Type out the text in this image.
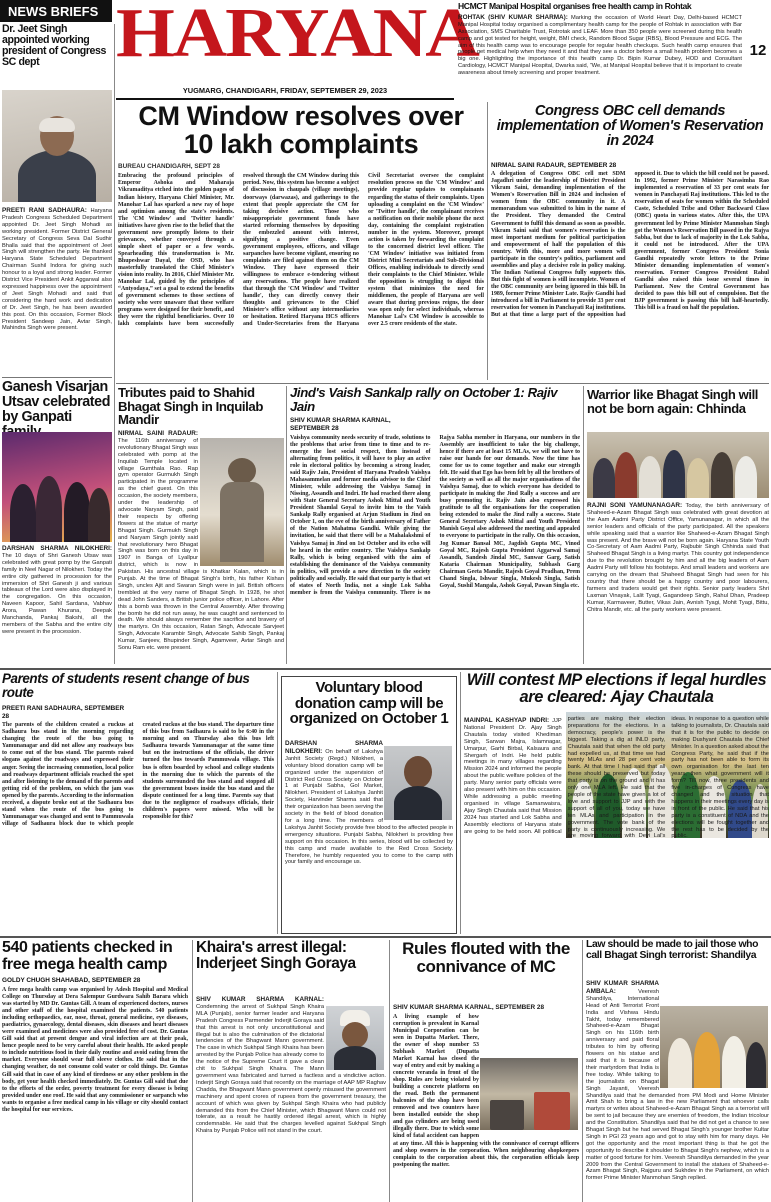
NEWS BRIEFS HARYANA
YUGMARG, CHANDIGARH, FRIDAY, SEPTEMBER 29, 2023
HCMCT Manipal Hospital organises free health camp in Rohtak
ROHTAK (SHIV KUMAR SHARMA): Marking the occasion of World Heart Day, Delhi-based HCMCT Manipal Hospital today organised a complimentary health camp for the people of Rohtak in association with Bar Association, SMS Charitable Trust, Rotrotak and LEAF. More than 350 people were screened during this health camp and got tested for height, weight, BMI check, Random Blood Sugar (RBS), Blood Pressure and ECG. The aim of this health camp was to encourage people for regular health checkups. Such health camp ensures that people get medical help when they need it and that they see a doctor before a small health problem becomes a big one. Highlighting the importance of this health camp Dr. Bipin Kumar Dubey, HOD and Consultant Cardiology, HCMCT Manipal Hospital, Dwarka said, “We, at Manipal Hospital believe that it is important to create awareness about timely screening and proper treatment.
12
Dr. Jeet Singh appointed working president of Congress SC dept
PREETI RANI SADHAURA: Haryana Pradesh Congress Scheduled Department appointed Dr. Jeet Singh Mohadi as working president. Former District General Secretary of Congress Seva Dal Sudhir Bhalla said that the appointment of Jeet Singh will strengthen the party. He thanked Haryana State Scheduled Department Chairman Sushil Indora for giving such honour to a loyal and strong leader. Former District Vice President Ankit Aggarwal also expressed happiness over the appointment of Jeet Singh Mohadi and said that considering the hard work and dedication of Dr. Jeet Singh, he has been awarded this post. On this occasion, Former Block President Sandeep Jain, Avtar Singh, Mahindra Singh were present.
Ganesh Visarjan Utsav celebrated by Ganpati
DARSHAN SHARMA NILOKHERI: The 10 days of Shri Ganesh Utsav was celebrated with great pomp by the Ganpati family in Neel Nagar of Nilokheri. Today the entire city gathered in procession for the immersion of Shri Ganesh ji and various tableaux of the Lord were also displayed in the congregation. On this occasion, Naveen Kapoor, Sahil Sardana, Vabhav Arora, Pawan Khurana, Deepak Manchanda, Pankaj Bakshi, all the members of the Sabha and the entire city were present in the procession.
CM Window resolves over 10 lakh complaints
BUREAU CHANDIGARH, SEPT 28
Embracing the profound principles of Emperor Ashoka and Maharaja Vikramaditya etched into the golden pages of Indian history, Haryana Chief Minister, Mr. Manohar Lal has sparked a new ray of hope and optimism among the state's residents. The 'CM Window' and 'Twitter handle' initiatives have given rise to the belief that the government now promptly listens to their grievances, whether conveyed through a simple sheet of paper or a few words. Spearheading this transformation is Mr. Bhupeshwar Dayal, the OSD, who has masterfully translated the Chief Minister's vision into reality. In 2016, Chief Minister Mr. Manohar Lal, guided by the principles of “Antyodaya,” set a goal to extend the benefits of government schemes to those sections of society who were unaware that these welfare programs were designed for their benefit, and they were the rightful beneficiaries. Over 10 lakh complaints have been successfully resolved through the CM Window during this period. Now, this system has become a subject of discussion in chaupals (village meetings), doorways (darwazas), and gatherings to the extent that people appreciate the CM for taking decisive action. Those who misappropriate government funds have started reforming themselves by depositing the embezzled amount with interest, signifying a positive change. Even government employees, officers, and village sarpanches have become vigilant, ensuring no complaints are filed against them on the CM Window. They have expressed their willingness to embrace e-tendering without any reservations. The people have realized that through the 'CM Window' and 'Twitter handle', they can directly convey their thoughts and grievances to the Chief Minister's office without any intermediaries or hesitation. Retired Haryana HCS officers and Under-Secretaries from the Haryana Civil Secretariat oversee the complaint resolution process on the 'CM Window' and provide regular updates to complainants regarding the status of their complaints. Upon uploading a complaint on the 'CM Window' or 'Twitter handle', the complainant receives a notification on their mobile phone the next day, containing the complaint registration number in the system. Moreover, prompt action is taken by forwarding the complaint to the concerned district level officer. The 'CM Window' initiative was initiated from District Mini Secretariats and Sub-Divisional Offices, enabling individuals to directly send their complaints to the Chief Minister. While the opposition is struggling to digest this system that minimizes the need for middlemen, the people of Haryana are well aware that during previous reigns, the door was open only for select individuals, whereas Manohar Lal's CM Window is accessible to over 2.5 crore residents of the state.
Congress OBC cell demands implementation of Women's Reservation in 2024
NIRMAL SAINI RADAUR, SEPTEMBER 28
A delegation of Congress OBC cell met SDM Jagadhri under the leadership of District President Vikram Saini, demanding implementation of the Women's Reservation Bill in 2024 and inclusion of women from the OBC community in it. A memorandum was submitted to him in the name of the President. They demanded the Central Government to fulfil this demand as soon as possible. Vikram Saini said that women's reservation is the most important medium for political participation and empowerment of half the population of this country. With this, more and more women will participate in the country's politics, parliament and assemblies and play a decisive role in policy making. The Indian National Congress fully supports this. But this fight of women is still incomplete. Women of the OBC community are being ignored in this bill. In 1989, former Prime Minister Late. Rajiv Gandhi had introduced a bill in Parliament to provide 33 per cent reservation for women in Panchayati Raj institutions. But at that time a large part of the opposition had opposed it. Due to which the bill could not be passed. In 1992, former Prime Minister Narasimha Rao implemented a reservation of 33 per cent seats for women in Panchayati Raj institutions. This led to the reservation of seats for women within the Scheduled Caste, Scheduled Tribe and Other Backward Class (OBC) quota in various states. After this, the UPA government led by Prime Minister Manmohan Singh got the Women's Reservation Bill passed in the Rajya Sabha, but due to lack of majority in the Lok Sabha, it could not be introduced. After the UPA government, former Congress President Sonia Gandhi repeatedly wrote letters to the Prime Minister demanding implementation of women's reservation. Former Congress President Rahul Gandhi also raised this issue several times in Parliament. Now the Central Government has decided to pass this bill out of compulsion. But the BJP government is passing this bill half-heartedly. This bill is a fraud on half the population.
Tributes paid to Shahid Bhagat Singh in Inquilab Mandir
NIRMAL SAINI RADAUR: The 116th anniversary of revolutionary Bhagat Singh was celebrated with pomp at the Inquilab Temple located in village Gumthala Rao. Rap gym operator Gurmukh Singh participated in the programme as the chief guest. On this occasion, the society members, under the leadership of advocate Naryam Singh, paid their respects by offering flowers at the statue of martyr Bhagat Singh. Gurmukh Singh and Naryam Singh jointly said that revolutionary hero Bhagat Singh was born on this day in 1907 in Banga of Lyallpur district, which is now in Pakistan. His ancestral village is Khatkar Kalan, which is in Punjab. At the time of Bhagat Singh's birth, his father Kishan Singh, uncles Ajit and Swaran Singh were in jail. British officers trembled at the very name of Bhagat Singh. In 1928, he shot dead John Sanders, a British junior police officer, in Lahore. After this a bomb was thrown in the Central Assembly. After throwing the bomb he did not run away, he was caught and sentenced to death. We should always remember the sacrifice and bravery of the martyrs. On this occasion, Ratan Singh, Advocate Sarvjeet Singh, Advocate Karambir Singh, Advocate Sahib Singh, Pankaj Kumar, Sanjeev, Bhupinder Singh, Agamveer, Avtar Singh and Sonu Ram etc. were present.
Jind's Vaish Sankalp rally on October 1: Rajiv Jain
SHIV KUMAR SHARMA KARNAL, SEPTEMBER 28
Vaishya community needs security of trade, solutions to the problems that arise from time to time and to re-emerge the lost social respect, then instead of alternating from politics, it will have to play an active role in electoral politics by becoming a strong leader, said Rajiv Jain, President of Haryana Pradesh Vaishya Mahasammelan and former media advisor to the Chief Minister, while addressing the Vaishya Samaj in Nissing, Assandh and Indri. He had reached there along with State General Secretary Ashok Mittal and Youth President Shamlal Goyal to invite him to the Vaish Sankalp Rally organised at Arjun Stadium in Jind on October 1, on the eve of the birth anniversary of Father of the Nation Mahatma Gandhi. While giving the invitation, he said that there will be a Mahalakshmi of Vaishya Samaj in Jind on 1st October and its echo will be heard in the entire country. The Vaishya Sankalp Rally, which is being organised with the aim of establishing the dominance of the Vaishya community in politics, will provide a new direction to the society politically and socially. He said that our party is that set of states of North India, not a single Lok Sabha member is from the Vaishya community. There is no Rajya Sabha member in Haryana, our numbers in the Assembly are insufficient to take the big challenge, hence if there are at least 15 MLAs, we will not have to raise our hands for our demands. Now the time has come for us to come together and make our strength felt. He said that Ego has been felt by all the brothers of the society as well as all the major organisations of the Vaishya Samaj, due to which everyone has decided to participate in making the Jind Rally a success and are busy promoting it. Rajiv Jain also expressed his gratitude to all the organisations for the cooperation being extended to make the Jind rally a success. State General Secretary Ashok Mittal and Youth President Manish Goyal also addressed the meeting and appealed to everyone to participate in the rally. On this occasion, Jog Kumar Bansal MC, Jagdish Gupta MC, Vinod Goyal MC, Rajesh Gupta President Aggarwal Samaj Assandh, Sandesh Jindal MC, Sanwar Garg, Satish Kataria Chairman Municipality, Subhash Garg Chairman Geeta Mandir, Rajesh Goyal Pradhan, Prem Chand Singla, Ishwar Singla, Mukesh Singla, Satish Goyal, Sushil Mangala, Ashok Goyal, Pawan Singla etc.
Warrior like Bhagat Singh will not be born again: Chhinda
RAJNI SONI YAMUNANAGAR: Today, the birth anniversary of Shaheed-e-Azam Bhagat Singh was celebrated with great devotion at the Aam Aadmi Party District Office, Yamunanagar, in which all the senior leaders and officials of the party participated. All the speakers while speaking said that a warrior like Shaheed-e-Azam Bhagat Singh was present. And the brave will not be born again. Haryana State Youth Co-Secretary of Aam Aadmi Party, Rajbubir Singh Chhinda said that Shaheed Bhagat Singh is a living martyr. This country got independence due to the revolution brought by him and all the big leaders of Aam Aadmi Party will follow his footsteps. And small leaders and workers are carrying on the dream that Shaheed Bhagat Singh had seen for his country that there should be a happy country and poor labourers, farmers and traders would get their rights. Senior party leaders Shri Laxman Vinayak, Lalit Tyagi, Gagandeep Singh, Rahul Dhan, Pradeep Kumar, Karmaveer, Butter, Vikas Jain, Avnish Tyagi, Mohit Tyagi, Bittu, Chitra Mandir, etc. all the party workers were present.
Parents of students resent change of bus route
PREETI RANI SADHAURA, SEPTEMBER 28
The parents of the children created a ruckus at Sadhaura bus stand in the morning regarding changing the route of the bus going to Yamunanagar and did not allow any roadways bus to come out of the bus stand. The parents raised slogans against the roadways and expressed their anger. Seeing the increasing commotion, local police and roadways department officials reached the spot and after listening to the demand of the parents and getting rid of the problem, on which the jam was opened by the parents. According to the information received, a dispute broke out at the Sadhaura bus stand when the route of the bus going to Yamunanagar was changed and sent to Pammuwala village of Sadhaura block due to which people created ruckus at the bus stand. The departure time of this bus from Sadhaura is said to be 6:40 in the morning and on Thursday also this bus left Sadhaura towards Yamunanagar at the same time but on the instructions of the officials, the driver turned the bus towards Pammuwala village. This bus is often boarded by school and college students in the morning due to which the parents of the students surrounded the bus stand and stopped all the government buses inside the bus stand and the dispute continued for a long time. Parents say that due to the negligence of roadways officials, their children's papers were missed. Who will be responsible for this?
Voluntary blood donation camp will be organized on October 1
DARSHAN SHARMA NILOKHERI: On behalf of Lakshya Janhit Society (Regd.) Nilokheri, a voluntary blood donation camp will be organized under the supervision of District Red Cross Society on October 1 at Punjabi Sabha, Gol Market, Nilokheri. President of Lakshya Janhit Society, Harvinder Sharma said that their organization has been serving the society in the field of blood donation for a long time. The members of Lakshya Janhit Society provide free blood to the affected people in emergency situations. Punjabi Sabha, Nilokheri is providing free support on this occasion. In this series, blood will be collected by this camp and made available to the Red Cross Society. Therefore, he humbly requested you to come to the camp with your family and encourage us.
Will contest MP elections if legal hurdles are cleared: Ajay Chautala
MAINPAL KASHYAP INDRI: JJP National President Dr. Ajay Singh Chautala today visited Khediman Singh, Sarwan Majra, Islamnagar, Umarpur, Garhi Birbal, Kalsaura and Shergarh of Indri. He held public meetings in many villages regarding Mission 2024 and informed the people about the public welfare policies of the party. Many senior party officials were also present with him on this occasion. While addressing a public meeting organised in village Samanwaisra, Ajay Singh Chautala said that Mission 2024 has started and Lok Sabha and Assembly elections of Haryana state are going to be held soon. All political parties are making their election preparations for the elections. In a democracy, people's power is the biggest. Taking a dig at INLD party, Chautala said that when the old party had expelled us, at that time we had twenty MLAs and 28 per cent vote bank. At that time I had said that all these should be preserved but today that party is on the ground and it has only one MLA left. He said that the people of the state have given a lot of love and support to JJP and with the support of all of you, today we have ten MLAs and participation in the government. The vote bank of the party is continuously increasing. We are moving forward with Devi Lal's ideas. In response to a question while talking to journalists, Dr. Chautala said that it is for the public to decide on making Dushyant Chautala the Chief Minister. In a question asked about the Congress Party, he said that if the party has not been able to form its own organisation for the last ten years, then what government will it form? Till now, three presidents and five in-charges of Congress have changed and the situation that happens in their meetings every day is in front of the public. He said that his party is a constituent of NDA and the elections will be fought together and the rest has to be decided by the public.
540 patients checked in free mega health camp
GOLDY CHUGH SHAHABAD, SEPTEMBER 28
A free mega health camp was organised by Adesh Hospital and Medical College on Thursday at Dera Salempur Gurdwara Sahib Barara which was started by MD Dr. Guntas Gill. A team of experienced doctors, nurses and other staff of the hospital examined the patients. 540 patients including orthopaedics, ear, nose, throat, general medicine, eye diseases, paediatrics, gynaecology, dental diseases, skin diseases and heart diseases were examined and medicines were also provided free of cost. Dr. Guntas Gill said that at present dengue and viral infection are at their peak, hence people need to be very careful about their health. He asked people to include nutritious food in their daily routine and avoid eating from the market. Everyone should wear full sleeve clothes. He said that in the changing weather, do not consume cold water or cold things. Dr. Guntas Gill said that in case of any kind of tiredness or any other problem in the body, get your health checked immediately. Dr. Guntas Gill said that due to the efforts of the order, poverty treatment for every disease is being provided under one roof. He said that any commissioner or sarpanch who wants to organise a free medical camp in his village or city should contact the hospital for our services.
Khaira's arrest illegal: Inderjeet Singh Goraya
SHIV KUMAR SHARMA KARNAL: Condemning the arrest of Sukhpal Singh Khaira MLA (Punjab), senior farmer leader and Haryana Pradesh Congress Parmender Inderjit Goraya said that this arrest is not only unconstitutional and illegal but is also the culmination of the dictatorial tendencies of the Bhagwant Mann government. The case in which Sukhpal Singh Khaira has been arrested by the Punjab Police has already come to the notice of the Supreme Court it gave a clean chit to Sukhpal Singh Khaira. The Mann government was fabricated and turned a factless and a vindictive action. Inderjit Singh Goraya said that recently on the marriage of AAP MP Raghav Chadda, the Bhagwant Mann government openly misused the government machinery and spent crores of rupees from the government treasury, the account of which was given by Sukhpal Singh Khaira who had publicly demanded this from the Chief Minister, which Bhagwant Mann could not tolerate, as a result he hastily ordered illegal arrest, which is highly condemnable. He said that the charges levelled against Sukhpal Singh Khaira by Punjab Police will not stand in the court.
Rules flouted with the connivance of MC
SHIV KUMAR SHARMA KARNAL, SEPTEMBER 28
A living example of how corruption is prevalent in Karnal Municipal Corporation can be seen in Dupatta Market. There, the owner of shop number 53 Subhash Market (Dupatta Market Karnal has closed the way of entry and exit by making a concrete veranda in front of the shop. Rules are being violated by building a concrete platform on the road. Both the permanent balconies of the shop have been removed and two counters have been installed outside the shop and gas cylinders are being used illegally there. Due to which some kind of fatal accident can happen at any time. All this is happening with the connivance of corrupt officers and shop owners in the corporation. When neighbouring shopkeepers complain to the corporation about this, the corporation officials keep postponing the matter.
Law should be made to jail those who call Bhagat Singh terrorist: Shandilya
SHIV KUMAR SHARMA AMBALA:	Veeresh Shandilya, International Head of Anti Terrorist Front India and Vishwa Hindu Takht, today remembered Shaheed-e-Azam Bhagat Singh on his 116th birth anniversary and paid floral tributes to him by offering flowers on his statue and said that it is because of their martyrdom that India is free today. While talking to the journalists on Bhagat Singh Jayanti, Veeresh Shandilya said that he demanded from PM Modi and Home Minister Amit Shah to bring a law in the new Parliament that whoever calls martyrs or writes about Shaheed-e-Azam Bhagat Singh as a terrorist will be sent to jail because they are enemies of freedom, the Indian tricolour and the Constitution. Shandilya said that he did not get a chance to see Bhagat Singh but he had served Bhagat Singh's younger brother Kultar Singh in PGI 23 years ago and got to stay with him for many days. He got the opportunity and the most important thing is that he got the opportunity to describe it shoulder to Bhagat Singh's nephew, which is a matter of good fortune for him. Veeresh Shandilya demanded in the year 2009 from the Central Government to install the statues of Shaheed-e-Azam Bhagat Singh, Rajguru and Sukhdev in the Parliament, on which former Prime Minister Manmohan Singh replied.
